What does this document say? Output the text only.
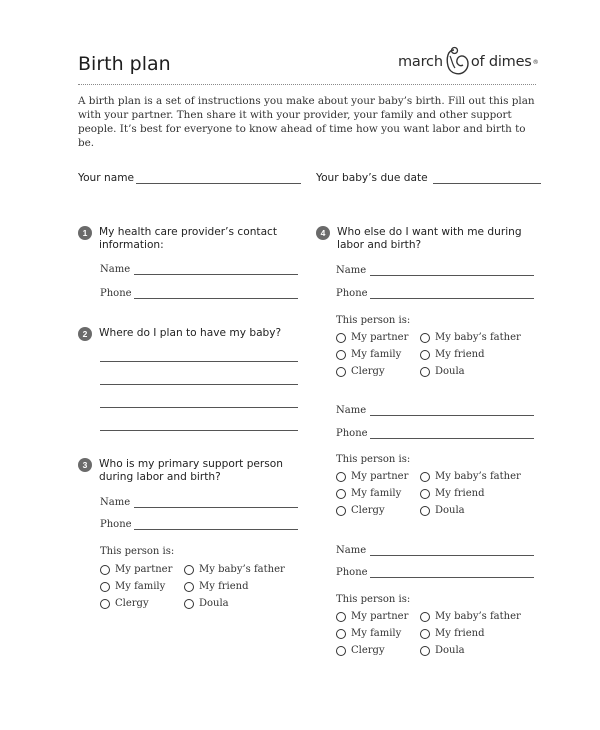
Birth plan	march of dimes ®
A birth plan is a set of instructions you make about your baby’s birth. Fill out this plan with your partner. Then share it with your provider, your family and other support people. It’s best for everyone to know ahead of time how you want labor and birth to be.
Your name	Your baby’s due date
1	My health care provider’s contact information:
Name
Phone
2	Where do I plan to have my baby?
3	Who is my primary support person during labor and birth?
Name
Phone
This person is:
My partner	My baby’s father
My family	My friend
Clergy	Doula
4	Who else do I want with me during labor and birth?
Name
Phone
This person is:
My partner	My baby’s father
My family	My friend
Clergy	Doula
Name
Phone
This person is:
My partner	My baby’s father
My family	My friend
Clergy	Doula
Name
Phone
This person is:
My partner	My baby’s father
My family	My friend
Clergy	Doula
